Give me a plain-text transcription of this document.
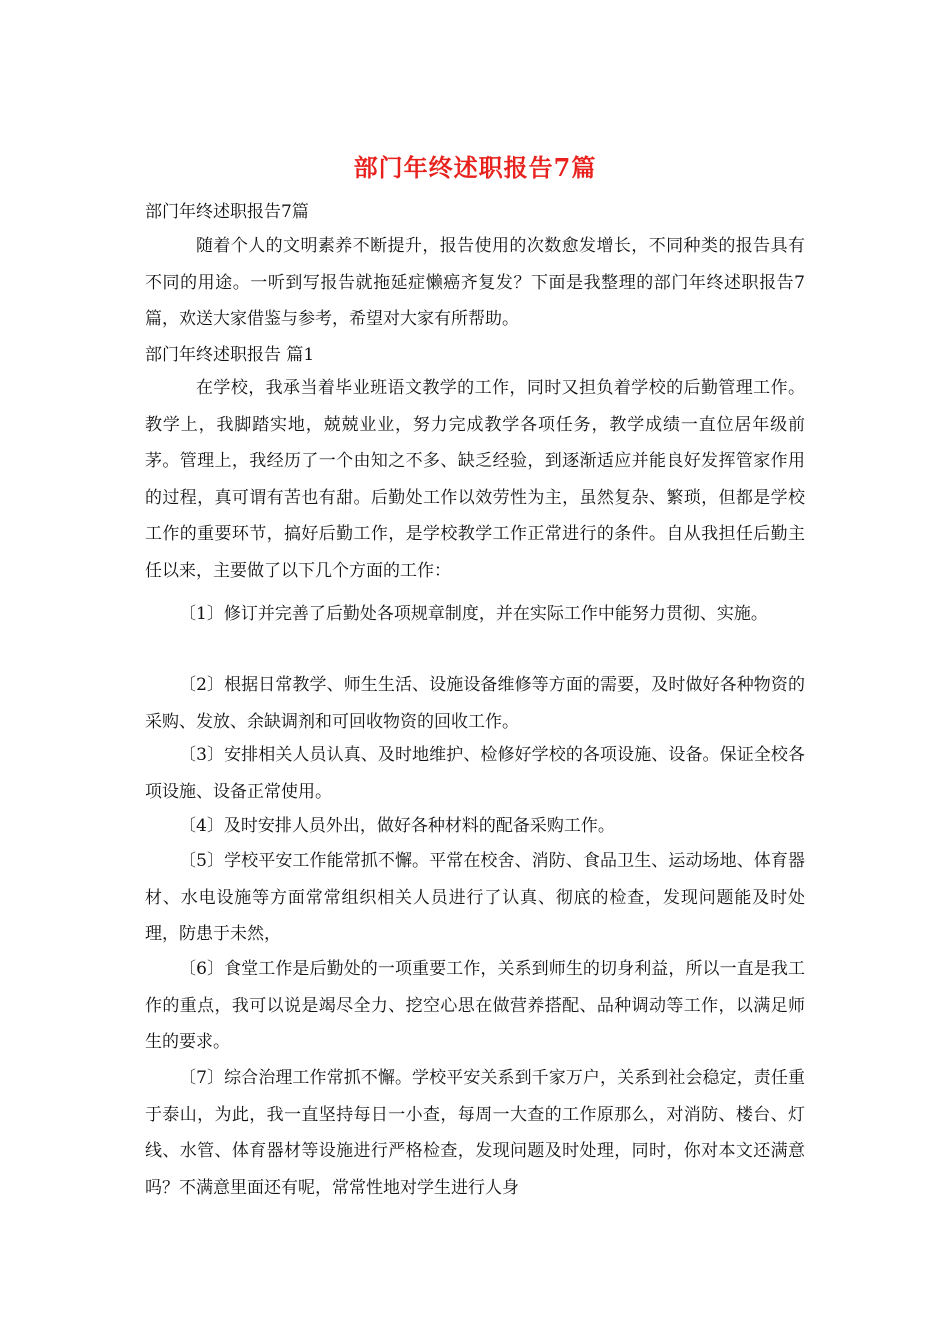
部门年终述职报告7篇
部门年终述职报告7篇

随着个人的文明素养不断提升，报告使用的次数愈发增长，不同种类的报告具有不同的用途。一听到写报告就拖延症懒癌齐复发？下面是我整理的部门年终述职报告7篇，欢送大家借鉴与参考，希望对大家有所帮助。

部门年终述职报告 篇1

在学校，我承当着毕业班语文教学的工作，同时又担负着学校的后勤管理工作。教学上，我脚踏实地，兢兢业业，努力完成教学各项任务，教学成绩一直位居年级前茅。管理上，我经历了一个由知之不多、缺乏经验，到逐渐适应并能良好发挥管家作用的过程，真可谓有苦也有甜。后勤处工作以效劳性为主，虽然复杂、繁琐，但都是学校工作的重要环节，搞好后勤工作，是学校教学工作正常进行的条件。自从我担任后勤主任以来，主要做了以下几个方面的工作：

〔1〕修订并完善了后勤处各项规章制度，并在实际工作中能努力贯彻、实施。

〔2〕根据日常教学、师生生活、设施设备维修等方面的需要，及时做好各种物资的采购、发放、余缺调剂和可回收物资的回收工作。

〔3〕安排相关人员认真、及时地维护、检修好学校的各项设施、设备。保证全校各项设施、设备正常使用。

〔4〕及时安排人员外出，做好各种材料的配备采购工作。

〔5〕学校平安工作能常抓不懈。平常在校舍、消防、食品卫生、运动场地、体育器材、水电设施等方面常常组织相关人员进行了认真、彻底的检查，发现问题能及时处理，防患于未然，

〔6〕食堂工作是后勤处的一项重要工作，关系到师生的切身利益，所以一直是我工作的重点，我可以说是竭尽全力、挖空心思在做营养搭配、品种调动等工作，以满足师生的要求。

〔7〕综合治理工作常抓不懈。学校平安关系到千家万户，关系到社会稳定，责任重于泰山，为此，我一直坚持每日一小查，每周一大查的工作原那么，对消防、楼台、灯线、水管、体育器材等设施进行严格检查，发现问题及时处理，同时，你对本文还满意吗？不满意里面还有呢，常常性地对学生进行人身
